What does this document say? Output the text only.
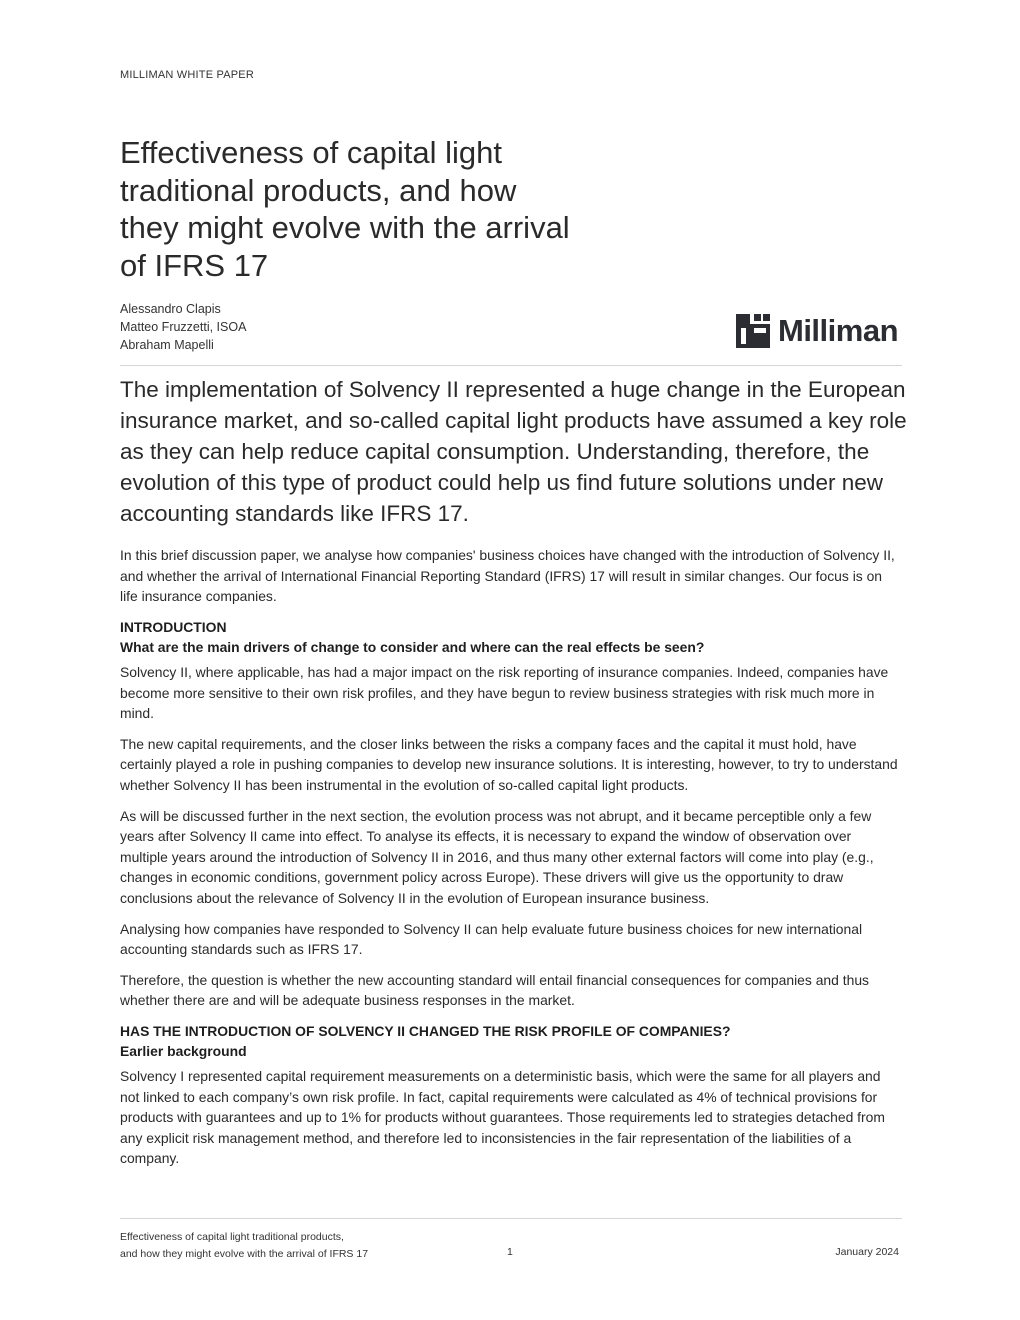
MILLIMAN WHITE PAPER
Effectiveness of capital light traditional products, and how they might evolve with the arrival of IFRS 17
Alessandro Clapis
Matteo Fruzzetti, ISOA
Abraham Mapelli	Milliman

The implementation of Solvency II represented a huge change in the European insurance market, and so-called capital light products have assumed a key role as they can help reduce capital consumption. Understanding, therefore, the evolution of this type of product could help us find future solutions under new accounting standards like IFRS 17.

In this brief discussion paper, we analyse how companies' business choices have changed with the introduction of Solvency II, and whether the arrival of International Financial Reporting Standard (IFRS) 17 will result in similar changes. Our focus is on life insurance companies.

INTRODUCTION
What are the main drivers of change to consider and where can the real effects be seen?

Solvency II, where applicable, has had a major impact on the risk reporting of insurance companies. Indeed, companies have become more sensitive to their own risk profiles, and they have begun to review business strategies with risk much more in mind.

The new capital requirements, and the closer links between the risks a company faces and the capital it must hold, have certainly played a role in pushing companies to develop new insurance solutions. It is interesting, however, to try to understand whether Solvency II has been instrumental in the evolution of so-called capital light products.

As will be discussed further in the next section, the evolution process was not abrupt, and it became perceptible only a few years after Solvency II came into effect. To analyse its effects, it is necessary to expand the window of observation over multiple years around the introduction of Solvency II in 2016, and thus many other external factors will come into play (e.g., changes in economic conditions, government policy across Europe). These drivers will give us the opportunity to draw conclusions about the relevance of Solvency II in the evolution of European insurance business.

Analysing how companies have responded to Solvency II can help evaluate future business choices for new international accounting standards such as IFRS 17.

Therefore, the question is whether the new accounting standard will entail financial consequences for companies and thus whether there are and will be adequate business responses in the market.

HAS THE INTRODUCTION OF SOLVENCY II CHANGED THE RISK PROFILE OF COMPANIES?
Earlier background

Solvency I represented capital requirement measurements on a deterministic basis, which were the same for all players and not linked to each company’s own risk profile. In fact, capital requirements were calculated as 4% of technical provisions for products with guarantees and up to 1% for products without guarantees. Those requirements led to strategies detached from any explicit risk management method, and therefore led to inconsistencies in the fair representation of the liabilities of a company.

Effectiveness of capital light traditional products,
and how they might evolve with the arrival of IFRS 17	1	January 2024
